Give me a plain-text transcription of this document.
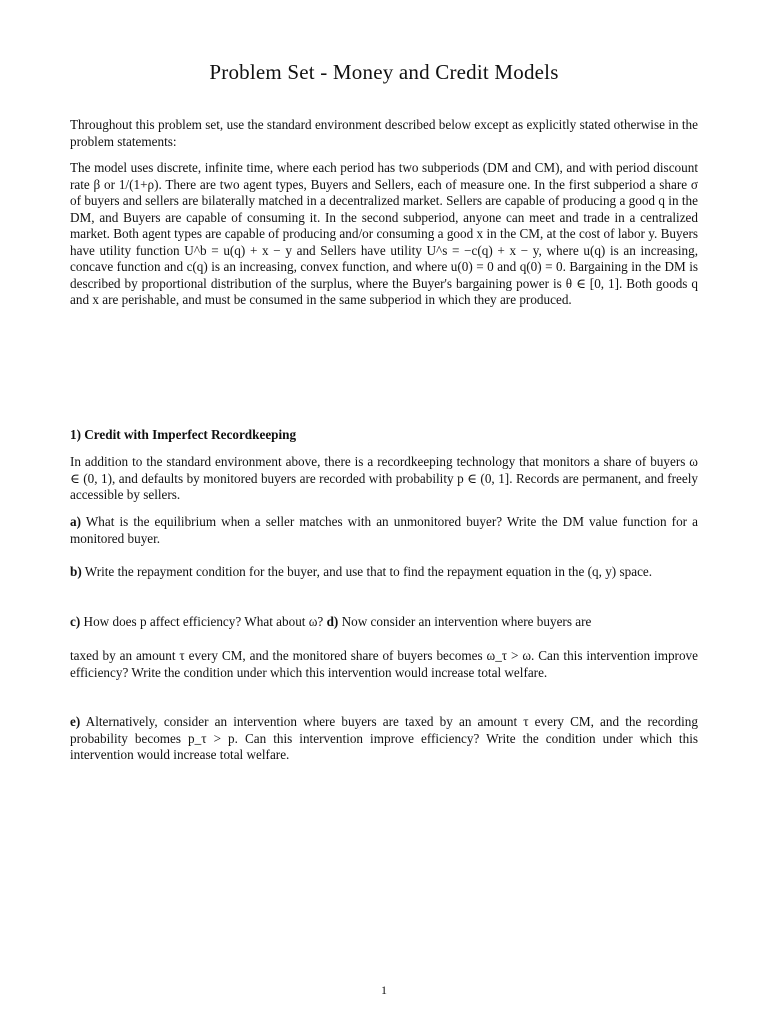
Problem Set - Money and Credit Models

Throughout this problem set, use the standard environment described below except as explicitly stated otherwise in the problem statements:

The model uses discrete, infinite time, where each period has two subperiods (DM and CM), and with period discount rate β or 1/(1+ρ). There are two agent types, Buyers and Sellers, each of measure one. In the first subperiod a share σ of buyers and sellers are bilaterally matched in a decentralized market. Sellers are capable of producing a good q in the DM, and Buyers are capable of consuming it. In the second subperiod, anyone can meet and trade in a centralized market. Both agent types are capable of producing and/or consuming a good x in the CM, at the cost of labor y. Buyers have utility function U^b = u(q) + x − y and Sellers have utility U^s = −c(q) + x − y, where u(q) is an increasing, concave function and c(q) is an increasing, convex function, and where u(0) = 0 and q(0) = 0. Bargaining in the DM is described by proportional distribution of the surplus, where the Buyer's bargaining power is θ ∈ [0, 1]. Both goods q and x are perishable, and must be consumed in the same subperiod in which they are produced.

1) Credit with Imperfect Recordkeeping

In addition to the standard environment above, there is a recordkeeping technology that monitors a share of buyers ω ∈ (0, 1), and defaults by monitored buyers are recorded with probability p ∈ (0, 1]. Records are permanent, and freely accessible by sellers.

a) What is the equilibrium when a seller matches with an unmonitored buyer? Write the DM value function for a monitored buyer.

b) Write the repayment condition for the buyer, and use that to find the repayment equation in the (q, y) space.

c) How does p affect efficiency? What about ω? d) Now consider an intervention where buyers are

taxed by an amount τ every CM, and the monitored share of buyers becomes ω_τ > ω. Can this intervention improve efficiency? Write the condition under which this intervention would increase total welfare.

e) Alternatively, consider an intervention where buyers are taxed by an amount τ every CM, and the recording probability becomes p_τ > p. Can this intervention improve efficiency? Write the condition under which this intervention would increase total welfare.

1
